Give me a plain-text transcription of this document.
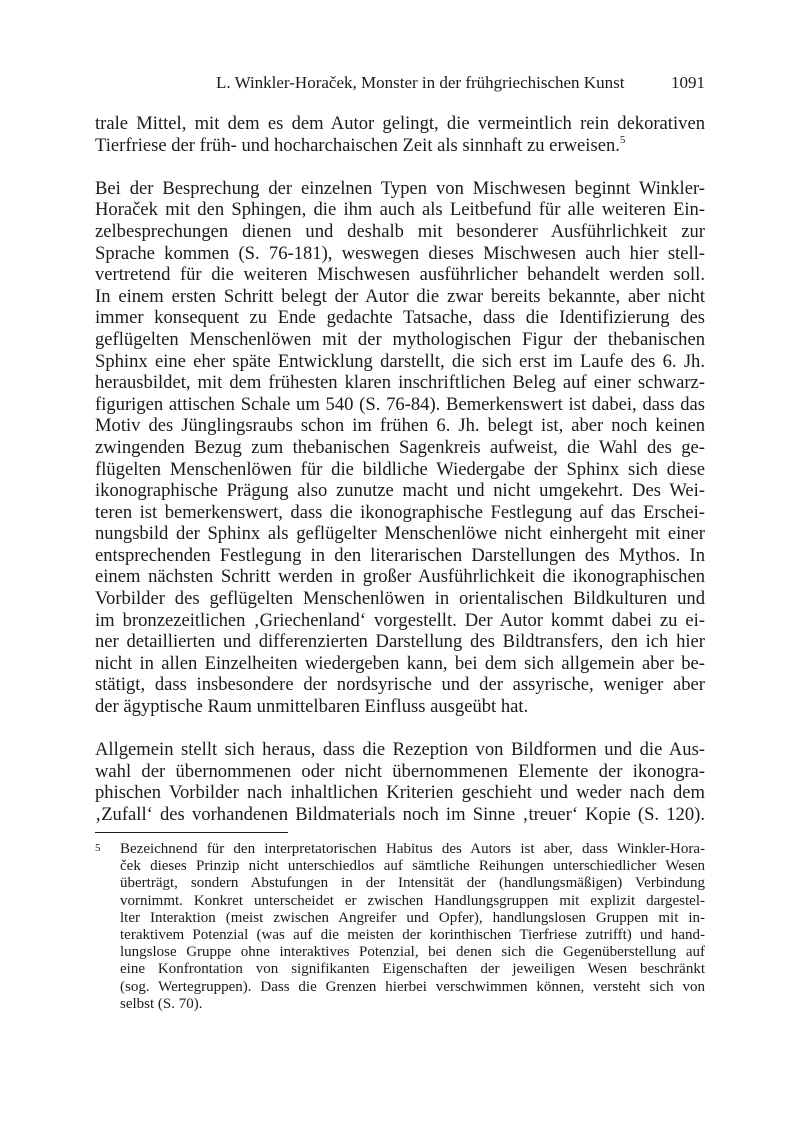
L. Winkler-Horaček, Monster in der frühgriechischen Kunst	1091
trale Mittel, mit dem es dem Autor gelingt, die vermeintlich rein dekorativen
Tierfriese der früh- und hocharchaischen Zeit als sinnhaft zu erweisen.$^5$
Bei der Besprechung der einzelnen Typen von Mischwesen beginnt Winkler-
Horaček mit den Sphingen, die ihm auch als Leitbefund für alle weiteren Ein-
zelbesprechungen dienen und deshalb mit besonderer Ausführlichkeit zur
Sprache kommen (S. 76-181), weswegen dieses Mischwesen auch hier stell-
vertretend für die weiteren Mischwesen ausführlicher behandelt werden soll.
In einem ersten Schritt belegt der Autor die zwar bereits bekannte, aber nicht
immer konsequent zu Ende gedachte Tatsache, dass die Identifizierung des
geflügelten Menschenlöwen mit der mythologischen Figur der thebanischen
Sphinx eine eher späte Entwicklung darstellt, die sich erst im Laufe des 6. Jh.
herausbildet, mit dem frühesten klaren inschriftlichen Beleg auf einer schwarz-
figurigen attischen Schale um 540 (S. 76-84). Bemerkenswert ist dabei, dass das
Motiv des Jünglingsraubs schon im frühen 6. Jh. belegt ist, aber noch keinen
zwingenden Bezug zum thebanischen Sagenkreis aufweist, die Wahl des ge-
flügelten Menschenlöwen für die bildliche Wiedergabe der Sphinx sich diese
ikonographische Prägung also zunutze macht und nicht umgekehrt. Des Wei-
teren ist bemerkenswert, dass die ikonographische Festlegung auf das Erschei-
nungsbild der Sphinx als geflügelter Menschenlöwe nicht einhergeht mit einer
entsprechenden Festlegung in den literarischen Darstellungen des Mythos. In
einem nächsten Schritt werden in großer Ausführlichkeit die ikonographischen
Vorbilder des geflügelten Menschenlöwen in orientalischen Bildkulturen und
im bronzezeitlichen ‚Griechenland‘ vorgestellt. Der Autor kommt dabei zu ei-
ner detaillierten und differenzierten Darstellung des Bildtransfers, den ich hier
nicht in allen Einzelheiten wiedergeben kann, bei dem sich allgemein aber be-
stätigt, dass insbesondere der nordsyrische und der assyrische, weniger aber
der ägyptische Raum unmittelbaren Einfluss ausgeübt hat.
Allgemein stellt sich heraus, dass die Rezeption von Bildformen und die Aus-
wahl der übernommenen oder nicht übernommenen Elemente der ikonogra-
phischen Vorbilder nach inhaltlichen Kriterien geschieht und weder nach dem
‚Zufall‘ des vorhandenen Bildmaterials noch im Sinne ‚treuer‘ Kopie (S. 120).
5 Bezeichnend für den interpretatorischen Habitus des Autors ist aber, dass Winkler-Hora-
ček dieses Prinzip nicht unterschiedlos auf sämtliche Reihungen unterschiedlicher Wesen
überträgt, sondern Abstufungen in der Intensität der (handlungsmäßigen) Verbindung
vornimmt. Konkret unterscheidet er zwischen Handlungsgruppen mit explizit dargestel-
lter Interaktion (meist zwischen Angreifer und Opfer), handlungslosen Gruppen mit in-
teraktivem Potenzial (was auf die meisten der korinthischen Tierfriese zutrifft) und hand-
lungslose Gruppe ohne interaktives Potenzial, bei denen sich die Gegenüberstellung auf
eine Konfrontation von signifikanten Eigenschaften der jeweiligen Wesen beschränkt
(sog. Wertegruppen). Dass die Grenzen hierbei verschwimmen können, versteht sich von
selbst (S. 70).
